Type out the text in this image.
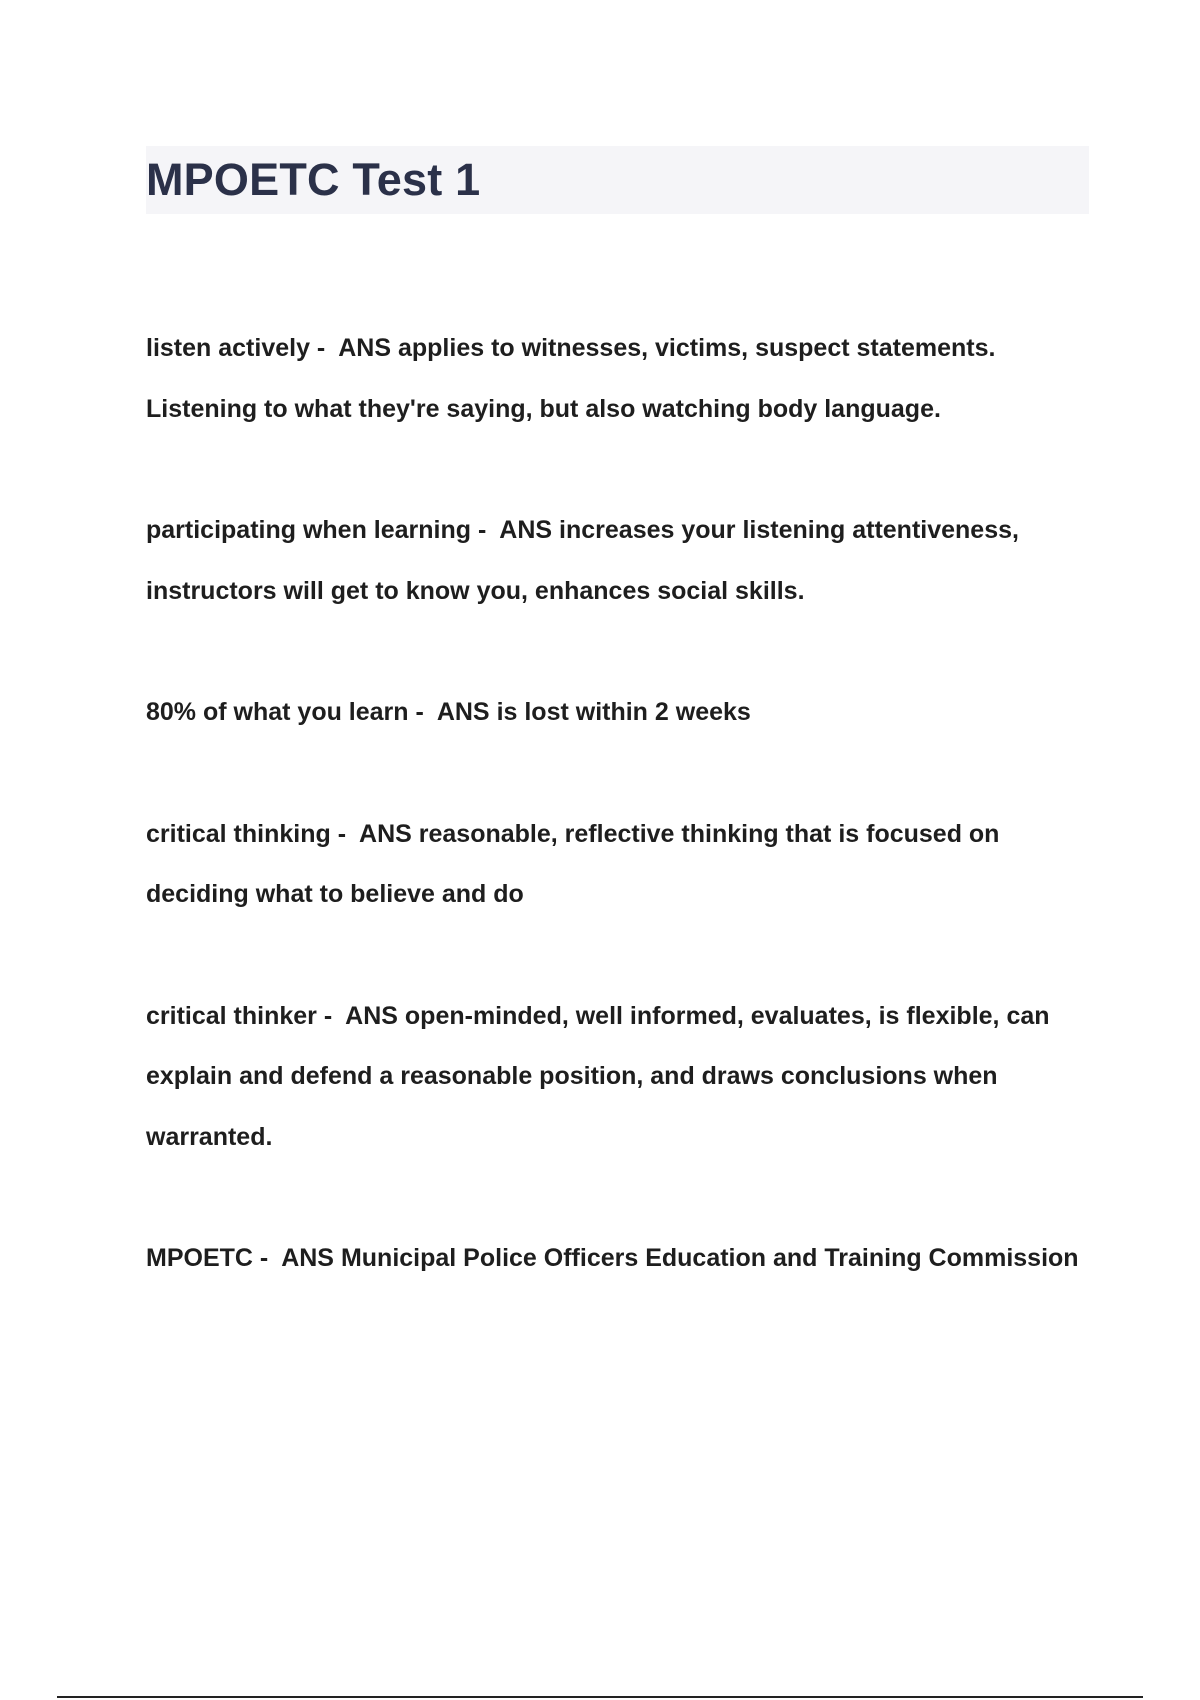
MPOETC Test 1

listen actively -  ANS applies to witnesses, victims, suspect statements. Listening to what they're saying, but also watching body language.

participating when learning -  ANS increases your listening attentiveness, instructors will get to know you, enhances social skills.

80% of what you learn -  ANS is lost within 2 weeks

critical thinking -  ANS reasonable, reflective thinking that is focused on deciding what to believe and do

critical thinker -  ANS open-minded, well informed, evaluates, is flexible, can explain and defend a reasonable position, and draws conclusions when warranted.

MPOETC -  ANS Municipal Police Officers Education and Training Commission
